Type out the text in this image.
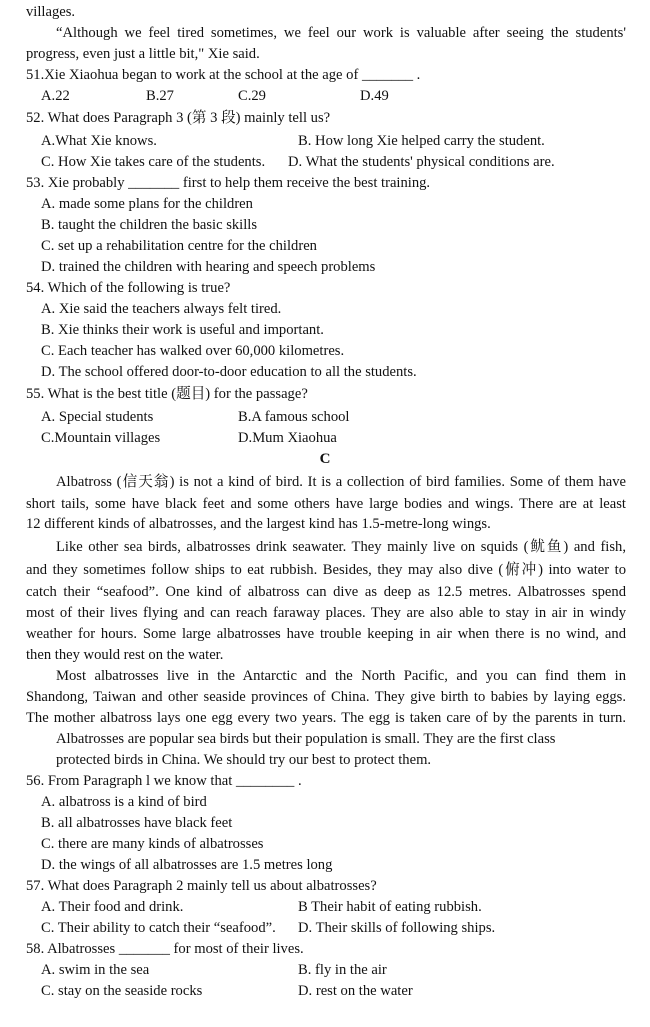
villages.
“Although we feel tired sometimes, we feel our work is valuable after seeing the students'
progress, even just a little bit," Xie said.
51.Xie Xiaohua began to work at the school at the age of _______ .
A.22	B.27	C.29	D.49
52. What does Paragraph 3 (第 3 段) mainly tell us?
A.What Xie knows.	B. How long Xie helped carry the student.
C. How Xie takes care of the students. D. What the students' physical conditions are.
53. Xie probably _______ first to help them receive the best training.
A. made some plans for the children
B. taught the children the basic skills
C. set up a rehabilitation centre for the children
D. trained the children with hearing and speech problems
54. Which of the following is true?
A. Xie said the teachers always felt tired.
B. Xie thinks their work is useful and important.
C. Each teacher has walked over 60,000 kilometres.
D. The school offered door-to-door education to all the students.
55. What is the best title (题目) for the passage?
A. Special students	B.A famous school
C.Mountain villages	D.Mum Xiaohua
C
Albatross (信天翁) is not a kind of bird. It is a collection of bird families. Some of them have
short tails, some have black feet and some others have large bodies and wings. There are at least
12 different kinds of albatrosses, and the largest kind has 1.5-metre-long wings.
Like other sea birds, albatrosses drink seawater. They mainly live on squids (鱿鱼) and fish,
and they sometimes follow ships to eat rubbish. Besides, they may also dive (俯冲) into water to
catch their “seafood”. One kind of albatross can dive as deep as 12.5 metres. Albatrosses spend
most of their lives flying and can reach faraway places. They are also able to stay in air in windy
weather for hours. Some large albatrosses have trouble keeping in air when there is no wind, and
then they would rest on the water.
Most albatrosses live in the Antarctic and the North Pacific, and you can find them in
Shandong, Taiwan and other seaside provinces of China. They give birth to babies by laying eggs.
The mother albatross lays one egg every two years. The egg is taken care of by the parents in turn.
Albatrosses are popular sea birds but their population is small. They are the first class
protected birds in China. We should try our best to protect them.
56. From Paragraph l we know that ________ .
A. albatross is a kind of bird
B. all albatrosses have black feet
C. there are many kinds of albatrosses
D. the wings of all albatrosses are 1.5 metres long
57. What does Paragraph 2 mainly tell us about albatrosses?
A. Their food and drink.	B Their habit of eating rubbish.
C. Their ability to catch their “seafood”. D. Their skills of following ships.
58. Albatrosses _______ for most of their lives.
A. swim in the sea	B. fly in the air
C. stay on the seaside rocks	D. rest on the water
